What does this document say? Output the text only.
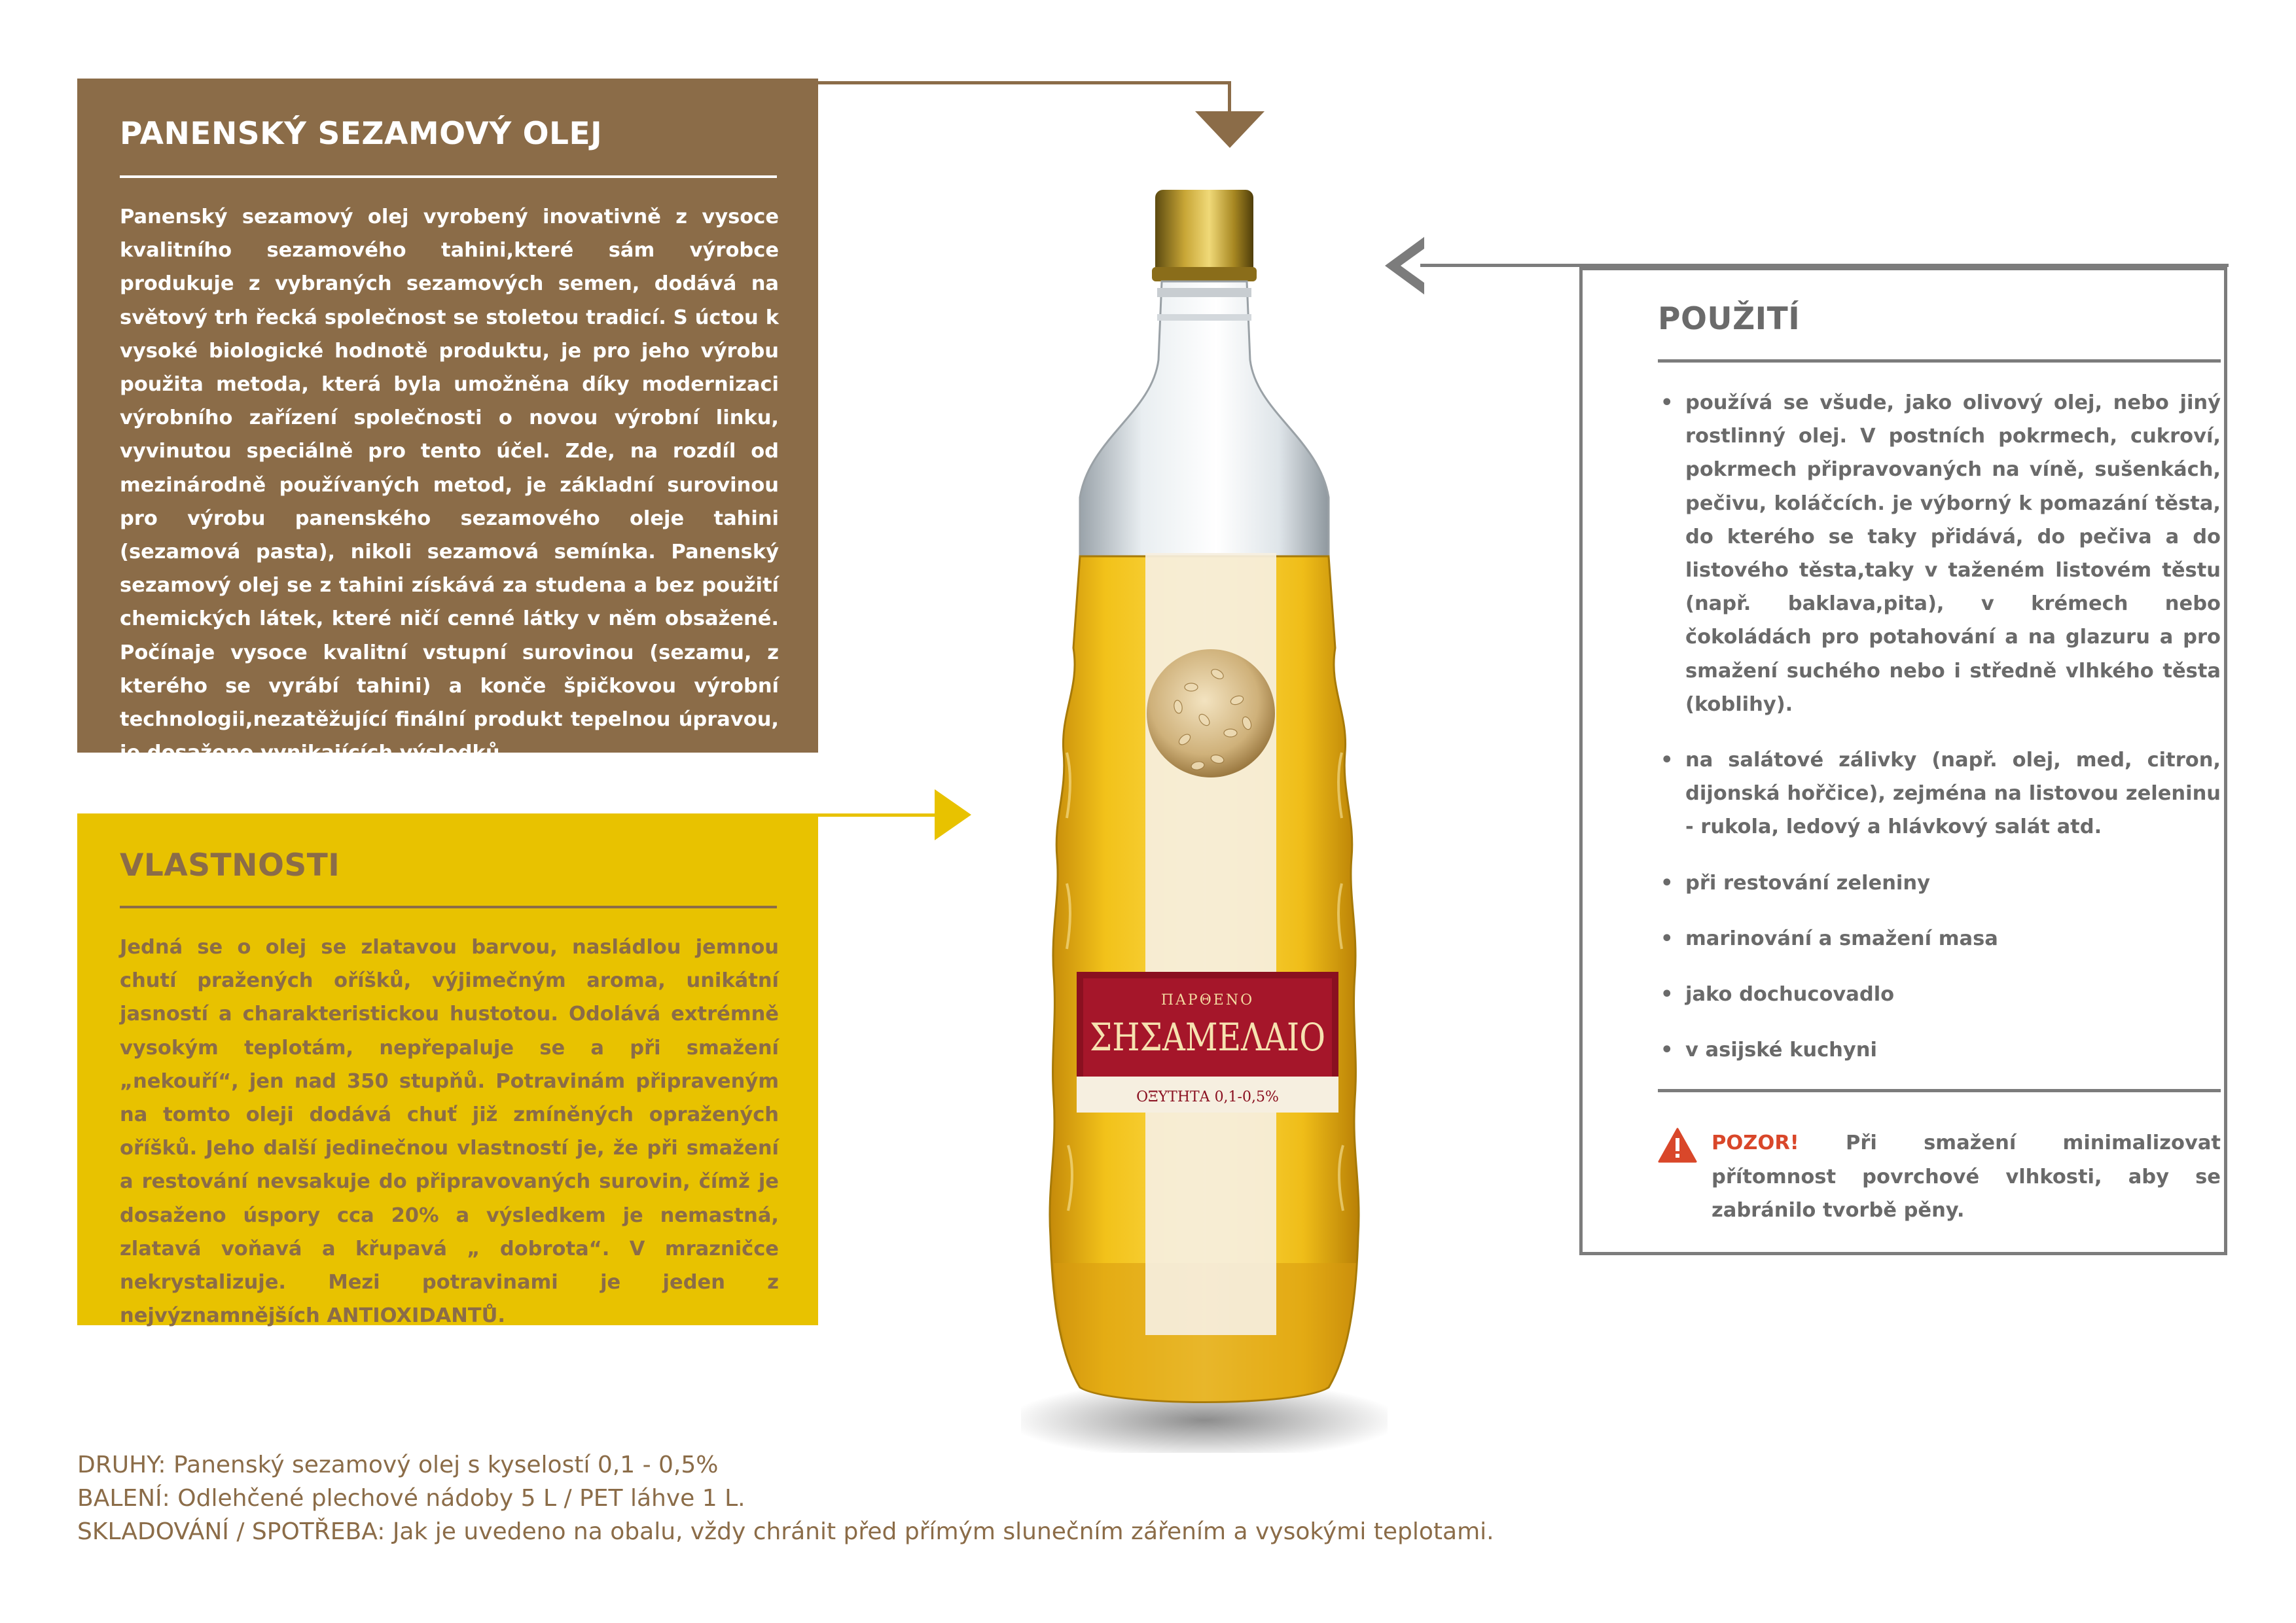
PANENSKÝ SEZAMOVÝ OLEJ
Panenský sezamový olej vyrobený inovativně z vysoce kvalitního sezamového tahini,které sám výrobce produkuje z vybraných sezamových semen, dodává na světový trh řecká společnost se stoletou tradicí. S úctou k vysoké biologické hodnotě produktu, je pro jeho výrobu použita metoda, která byla umožněna díky modernizaci výrobního zařízení společnosti o novou výrobní linku, vyvinutou speciálně pro tento účel. Zde, na rozdíl od mezinárodně používaných metod, je základní surovinou pro výrobu panenského sezamového oleje tahini (sezamová pasta), nikoli sezamová semínka. Panenský sezamový olej se z tahini získává za studena a bez použití chemických látek, které ničí cenné látky v něm obsažené. Počínaje vysoce kvalitní vstupní surovinou (sezamu, z kterého se vyrábí tahini) a konče špičkovou výrobní technologii,nezatěžující finální produkt tepelnou úpravou, je dosaženo vynikajících výsledků.
VLASTNOSTI
Jedná se o olej se zlatavou barvou, nasládlou jemnou chutí pražených oříšků, výjimečným aroma, unikátní jasností a charakteristickou hustotou. Odolává extrémně vysokým teplotám, nepřepaluje se a při smažení „nekouří“, jen nad 350 stupňů. Potravinám připraveným na tomto oleji dodává chuť již zmíněných opražených oříšků. Jeho další jedinečnou vlastností je, že při smažení a restování nevsakuje do připravovaných surovin, čímž je dosaženo úspory cca 20% a výsledkem je nemastná, zlatavá voňavá a křupavá „ dobrota“. V mrazničce nekrystalizuje. Mezi potravinami je jeden z nejvýznamnějších ANTIOXIDANTŮ.
ΠΑΡΘΕΝΟ
ΣΗΣΑΜΕΛΑΙΟ
ΟΞΥΤΗΤΑ 0,1-0,5%
POUŽITÍ
• používá se všude, jako olivový olej, nebo jiný rostlinný olej. V postních pokrmech, cukroví, pokrmech připravovaných na víně, sušenkách, pečivu, koláčcích. je výborný k pomazání těsta, do kterého se taky přidává, do pečiva a do listového těsta,taky v taženém listovém těstu (např. baklava,pita), v krémech nebo čokoládách pro potahování a na glazuru a pro smažení suchého nebo i středně vlhkého těsta (koblihy).
• na salátové zálivky (např. olej, med, citron, dijonská hořčice), zejména na listovou zeleninu - rukola, ledový a hlávkový salát atd.
• při restování zeleniny
• marinování a smažení masa
• jako dochucovadlo
• v asijské kuchyni
POZOR! Při smažení minimalizovat přítomnost povrchové vlhkosti, aby se zabránilo tvorbě pěny.
DRUHY: Panenský sezamový olej s kyselostí 0,1 - 0,5%
BALENÍ: Odlehčené plechové nádoby 5 L / PET láhve 1 L.
SKLADOVÁNÍ / SPOTŘEBA: Jak je uvedeno na obalu, vždy chránit před přímým slunečním zářením a vysokými teplotami.
